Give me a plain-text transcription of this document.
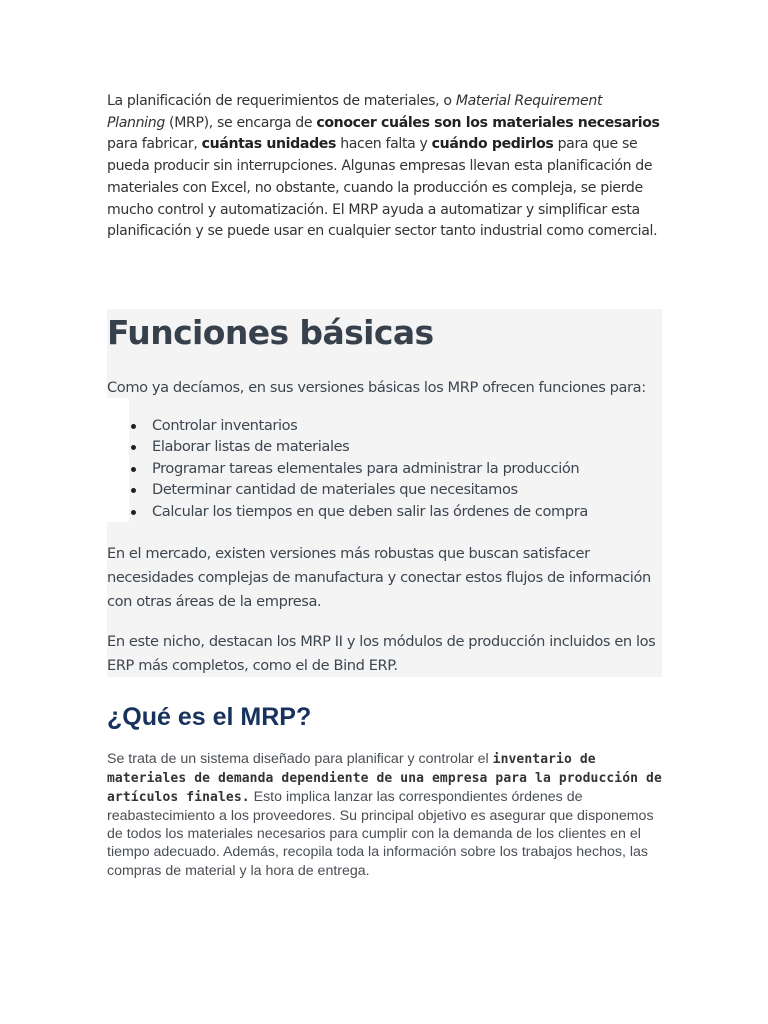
La planificación de requerimientos de materiales, o Material Requirement Planning (MRP), se encarga de conocer cuáles son los materiales necesarios para fabricar, cuántas unidades hacen falta y cuándo pedirlos para que se pueda producir sin interrupciones. Algunas empresas llevan esta planificación de materiales con Excel, no obstante, cuando la producción es compleja, se pierde mucho control y automatización. El MRP ayuda a automatizar y simplificar esta planificación y se puede usar en cualquier sector tanto industrial como comercial.

Funciones básicas

Como ya decíamos, en sus versiones básicas los MRP ofrecen funciones para:

Controlar inventarios
Elaborar listas de materiales
Programar tareas elementales para administrar la producción
Determinar cantidad de materiales que necesitamos
Calcular los tiempos en que deben salir las órdenes de compra

En el mercado, existen versiones más robustas que buscan satisfacer necesidades complejas de manufactura y conectar estos flujos de información con otras áreas de la empresa.

En este nicho, destacan los MRP II y los módulos de producción incluidos en los ERP más completos, como el de Bind ERP.

¿Qué es el MRP?

Se trata de un sistema diseñado para planificar y controlar el inventario de materiales de demanda dependiente de una empresa para la producción de artículos finales. Esto implica lanzar las correspondientes órdenes de reabastecimiento a los proveedores. Su principal objetivo es asegurar que disponemos de todos los materiales necesarios para cumplir con la demanda de los clientes en el tiempo adecuado. Además, recopila toda la información sobre los trabajos hechos, las compras de material y la hora de entrega.
